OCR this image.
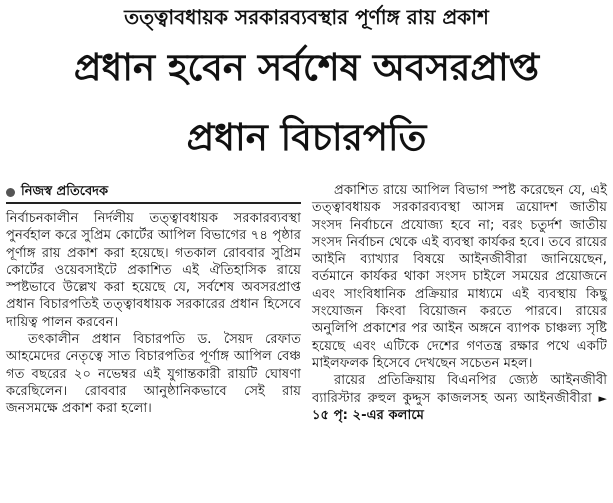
তত্ত্বাবধায়ক সরকারব্যবস্থার পূর্ণাঙ্গ রায় প্রকাশ
প্রধান হবেন সর্বশেষ অবসরপ্রাপ্ত
প্রধান বিচারপতি
নিজস্ব প্রতিবেদক

নির্বাচনকালীন নির্দলীয় তত্ত্বাবধায়ক সরকারব্যবস্থা পুনর্বহাল করে সুপ্রিম কোর্টের আপিল বিভাগের ৭৪ পৃষ্ঠার পূর্ণাঙ্গ রায় প্রকাশ করা হয়েছে। গতকাল রোববার সুপ্রিম কোর্টের ওয়েবসাইটে প্রকাশিত এই ঐতিহাসিক রায়ে স্পষ্টভাবে উল্লেখ করা হয়েছে যে, সর্বশেষ অবসরপ্রাপ্ত প্রধান বিচারপতিই তত্ত্বাবধায়ক সরকারের প্রধান হিসেবে দায়িত্ব পালন করবেন।

তৎকালীন প্রধান বিচারপতি ড. সৈয়দ রেফাত আহমেদের নেতৃত্বে সাত বিচারপতির পূর্ণাঙ্গ আপিল বেঞ্চ গত বছরের ২০ নভেম্বর এই যুগান্তকারী রায়টি ঘোষণা করেছিলেন। রোববার আনুষ্ঠানিকভাবে সেই রায় জনসমক্ষে প্রকাশ করা হলো।

প্রকাশিত রায়ে আপিল বিভাগ স্পষ্ট করেছেন যে, এই তত্ত্বাবধায়ক সরকারব্যবস্থা আসন্ন ত্রয়োদশ জাতীয় সংসদ নির্বাচনে প্রযোজ্য হবে না; বরং চতুর্দশ জাতীয় সংসদ নির্বাচন থেকে এই ব্যবস্থা কার্যকর হবে। তবে রায়ের আইনি ব্যাখ্যার বিষয়ে আইনজীবীরা জানিয়েছেন, বর্তমানে কার্যকর থাকা সংসদ চাইলে সময়ের প্রয়োজনে এবং সাংবিধানিক প্রক্রিয়ার মাধ্যমে এই ব্যবস্থায় কিছু সংযোজন কিংবা বিয়োজন করতে পারবে। রায়ের অনুলিপি প্রকাশের পর আইন অঙ্গনে ব্যাপক চাঞ্চল্য সৃষ্টি হয়েছে এবং এটিকে দেশের গণতন্ত্র রক্ষার পথে একটি মাইলফলক হিসেবে দেখছেন সচেতন মহল।

রায়ের প্রতিক্রিয়ায় বিএনপির জ্যেষ্ঠ আইনজীবী ব্যারিস্টার রুহুল কুদ্দুস কাজলসহ অন্য আইনজীবীরা ► ১৫ পৃ: ২-এর কলামে
